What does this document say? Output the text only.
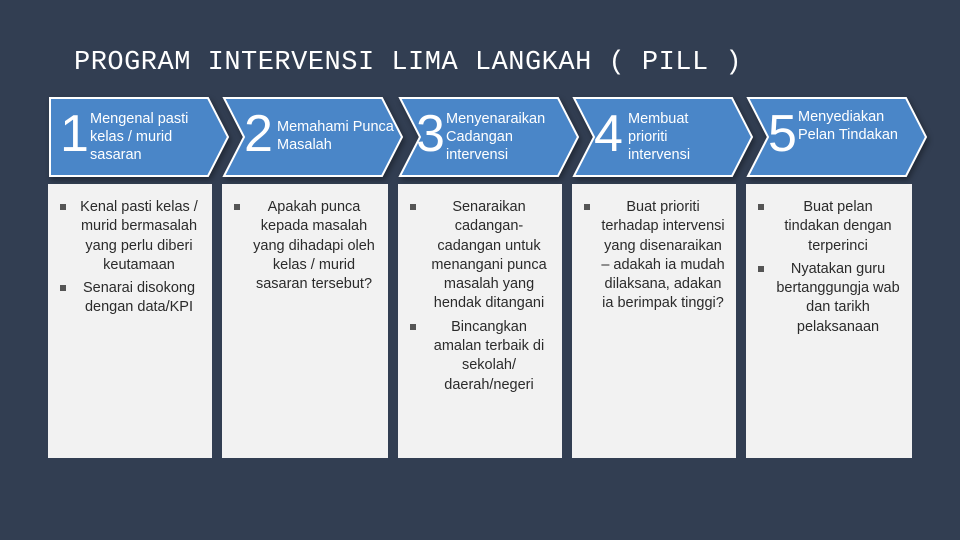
PROGRAM INTERVENSI LIMA LANGKAH ( PILL )
1 Mengenal pasti kelas / murid sasaran
Kenal pasti kelas / murid bermasalah yang perlu diberi keutamaan
Senarai disokong dengan data/KPI
2 Memahami Punca Masalah
Apakah punca kepada masalah yang dihadapi oleh kelas / murid sasaran tersebut?
3 Menyenaraikan Cadangan intervensi
Senaraikan cadangan-cadangan untuk menangani punca masalah yang hendak ditangani
Bincangkan amalan terbaik di sekolah/ daerah/negeri
4 Membuat prioriti intervensi
Buat prioriti terhadap intervensi yang disenaraikan – adakah ia mudah dilaksana, adakan ia berimpak tinggi?
5 Menyediakan Pelan Tindakan
Buat pelan tindakan dengan terperinci
Nyatakan guru bertanggungja wab dan tarikh pelaksanaan
